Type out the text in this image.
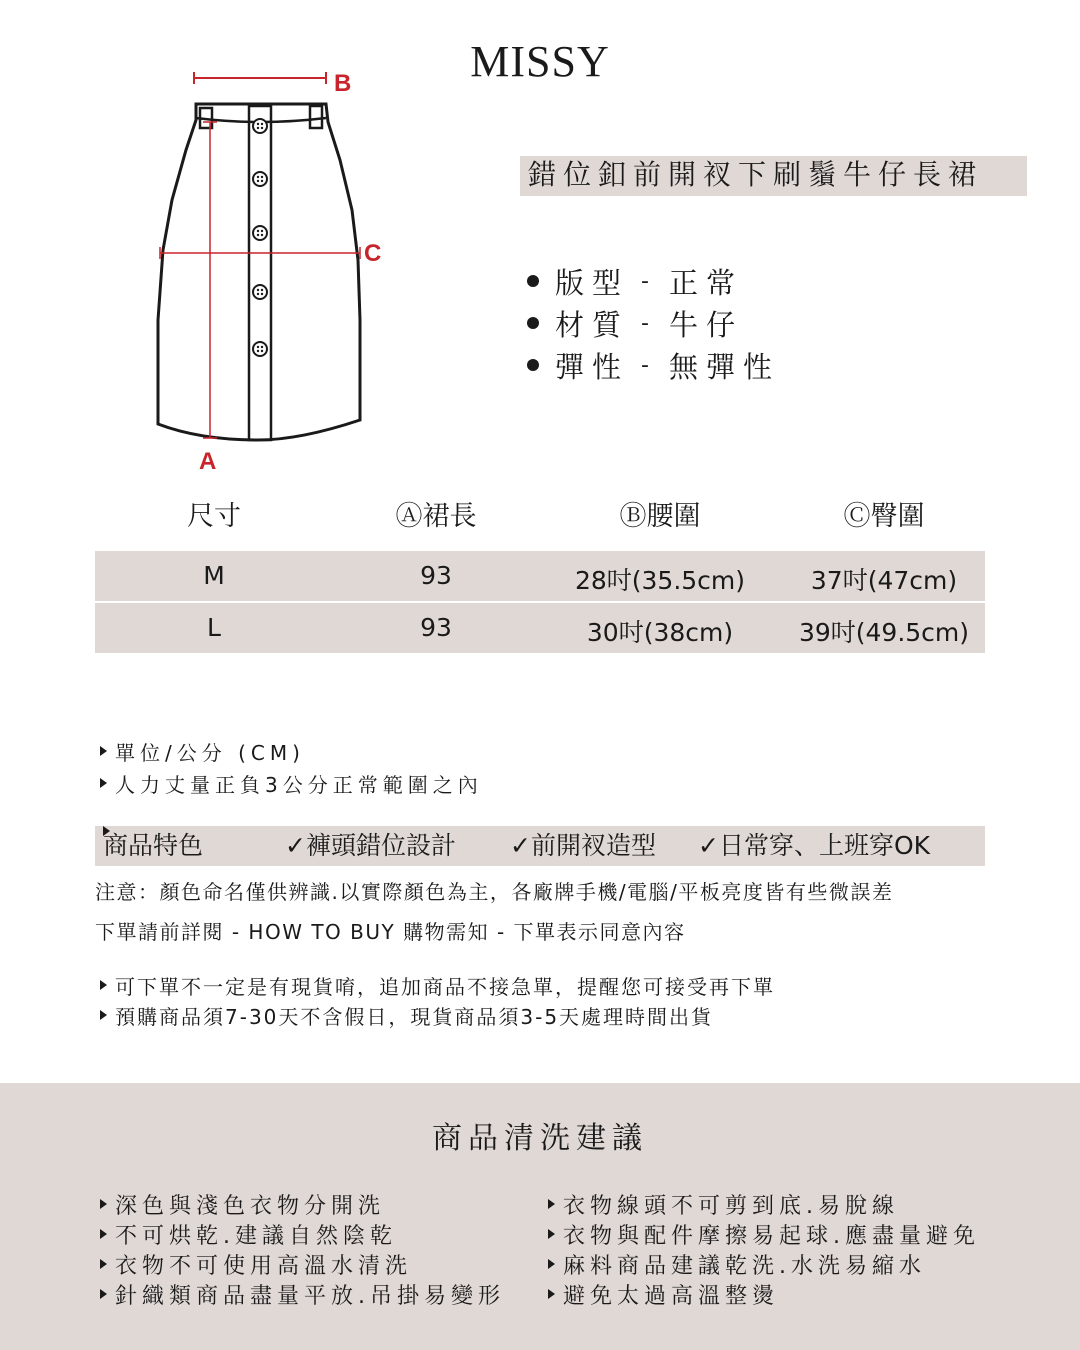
MISSY
B
A
C
錯位釦前開衩下刷鬚牛仔長裙
版型 - 正常
材質 - 牛仔
彈性 - 無彈性
尺寸	Ⓐ裙長	Ⓑ腰圍	Ⓒ臀圍
M	93	28吋(35.5cm)	37吋(47cm)
L	93	30吋(38cm)	39吋(49.5cm)
單位/公分 (CM)
人力丈量正負3公分正常範圍之內
商品特色	✓褲頭錯位設計 ✓前開衩造型 ✓日常穿、上班穿OK
注意：顏色命名僅供辨識.以實際顏色為主，各廠牌手機/電腦/平板亮度皆有些微誤差
下單請前詳閱 - HOW TO BUY 購物需知 - 下單表示同意內容
可下單不一定是有現貨唷，追加商品不接急單，提醒您可接受再下單
預購商品須7-30天不含假日，現貨商品須3-5天處理時間出貨
商品清洗建議
深色與淺色衣物分開洗
不可烘乾.建議自然陰乾
衣物不可使用高溫水清洗
針織類商品盡量平放.吊掛易變形
衣物線頭不可剪到底.易脫線
衣物與配件摩擦易起球.應盡量避免
麻料商品建議乾洗.水洗易縮水
避免太過高溫整燙
